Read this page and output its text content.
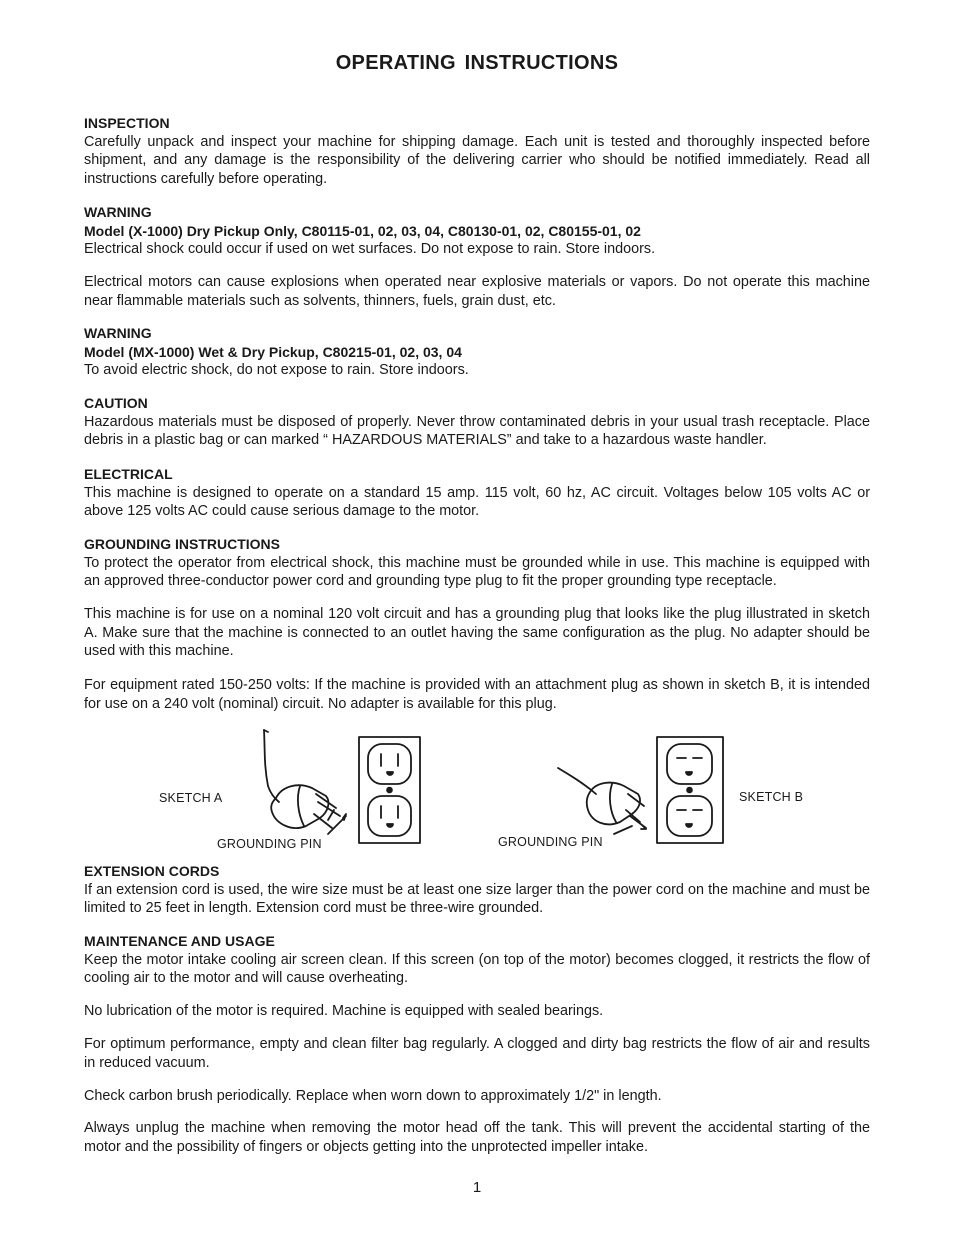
OPERATING INSTRUCTIONS
INSPECTION

Carefully unpack and inspect your machine for shipping damage. Each unit is tested and thoroughly inspected before shipment, and any damage is the responsibility of the delivering carrier who should be notified immediately. Read all instructions carefully before operating.

WARNING
Model (X-1000) Dry Pickup Only, C80115-01, 02, 03, 04, C80130-01, 02, C80155-01, 02

Electrical shock could occur if used on wet surfaces. Do not expose to rain. Store indoors.

Electrical motors can cause explosions when operated near explosive materials or vapors. Do not operate this machine near flammable materials such as solvents, thinners, fuels, grain dust, etc.

WARNING
Model (MX-1000) Wet & Dry Pickup, C80215-01, 02, 03, 04

To avoid electric shock, do not expose to rain. Store indoors.

CAUTION

Hazardous materials must be disposed of properly. Never throw contaminated debris in your usual trash receptacle. Place debris in a plastic bag or can marked “ HAZARDOUS MATERIALS” and take to a hazardous waste handler.

ELECTRICAL

This machine is designed to operate on a standard 15 amp. 115 volt, 60 hz, AC circuit. Voltages below 105 volts AC or above 125 volts AC could cause serious damage to the motor.

GROUNDING INSTRUCTIONS

To protect the operator from electrical shock, this machine must be grounded while in use. This machine is equipped with an approved three-conductor power cord and grounding type plug to fit the proper grounding type receptacle.

This machine is for use on a nominal 120 volt circuit and has a grounding plug that looks like the plug illustrated in sketch A. Make sure that the machine is connected to an outlet having the same configuration as the plug. No adapter should be used with this machine.

For equipment rated 150-250 volts: If the machine is provided with an attachment plug as shown in sketch B, it is intended for use on a 240 volt (nominal) circuit. No adapter is available for this plug.

SKETCH A
GROUNDING PIN
SKETCH B
GROUNDING PIN
EXTENSION CORDS

If an extension cord is used, the wire size must be at least one size larger than the power cord on the machine and must be limited to 25 feet in length. Extension cord must be three-wire grounded.

MAINTENANCE AND USAGE

Keep the motor intake cooling air screen clean. If this screen (on top of the motor) becomes clogged, it restricts the flow of cooling air to the motor and will cause overheating.

No lubrication of the motor is required. Machine is equipped with sealed bearings.

For optimum performance, empty and clean filter bag regularly. A clogged and dirty bag restricts the flow of air and results in reduced vacuum.

Check carbon brush periodically. Replace when worn down to approximately 1/2" in length.

Always unplug the machine when removing the motor head off the tank. This will prevent the accidental starting of the motor and the possibility of fingers or objects getting into the unprotected impeller intake.

1
